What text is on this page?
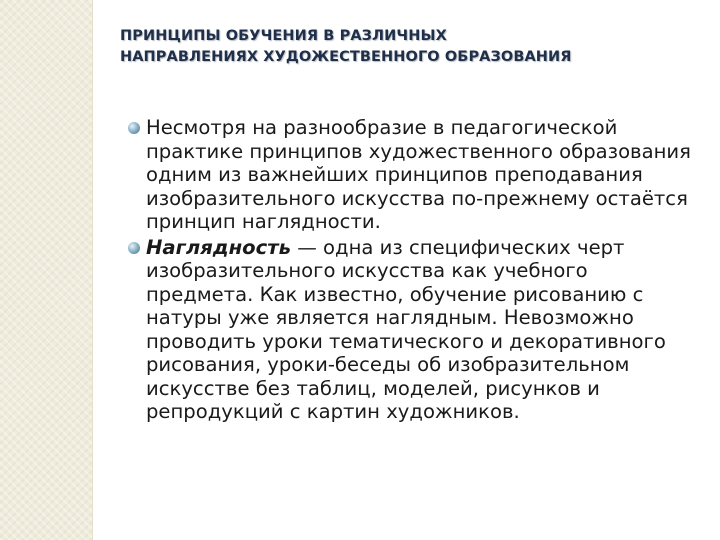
ПРИНЦИПЫ ОБУЧЕНИЯ В РАЗЛИЧНЫХ
НАПРАВЛЕНИЯХ ХУДОЖЕСТВЕННОГО ОБРАЗОВАНИЯ
Несмотря на разнообразие в педагогической практике принципов художественного образования одним из важнейших принципов преподавания изобразительного искусства по-прежнему остаётся принцип наглядности.
Наглядность — одна из специфических черт изобразительного искусства как учебного предмета. Как известно, обучение рисованию с натуры уже является наглядным. Невозможно проводить уроки тематического и декоративного рисования, уроки-беседы об изобразительном искусстве без таблиц, моделей, рисунков и репродукций с картин художников.
